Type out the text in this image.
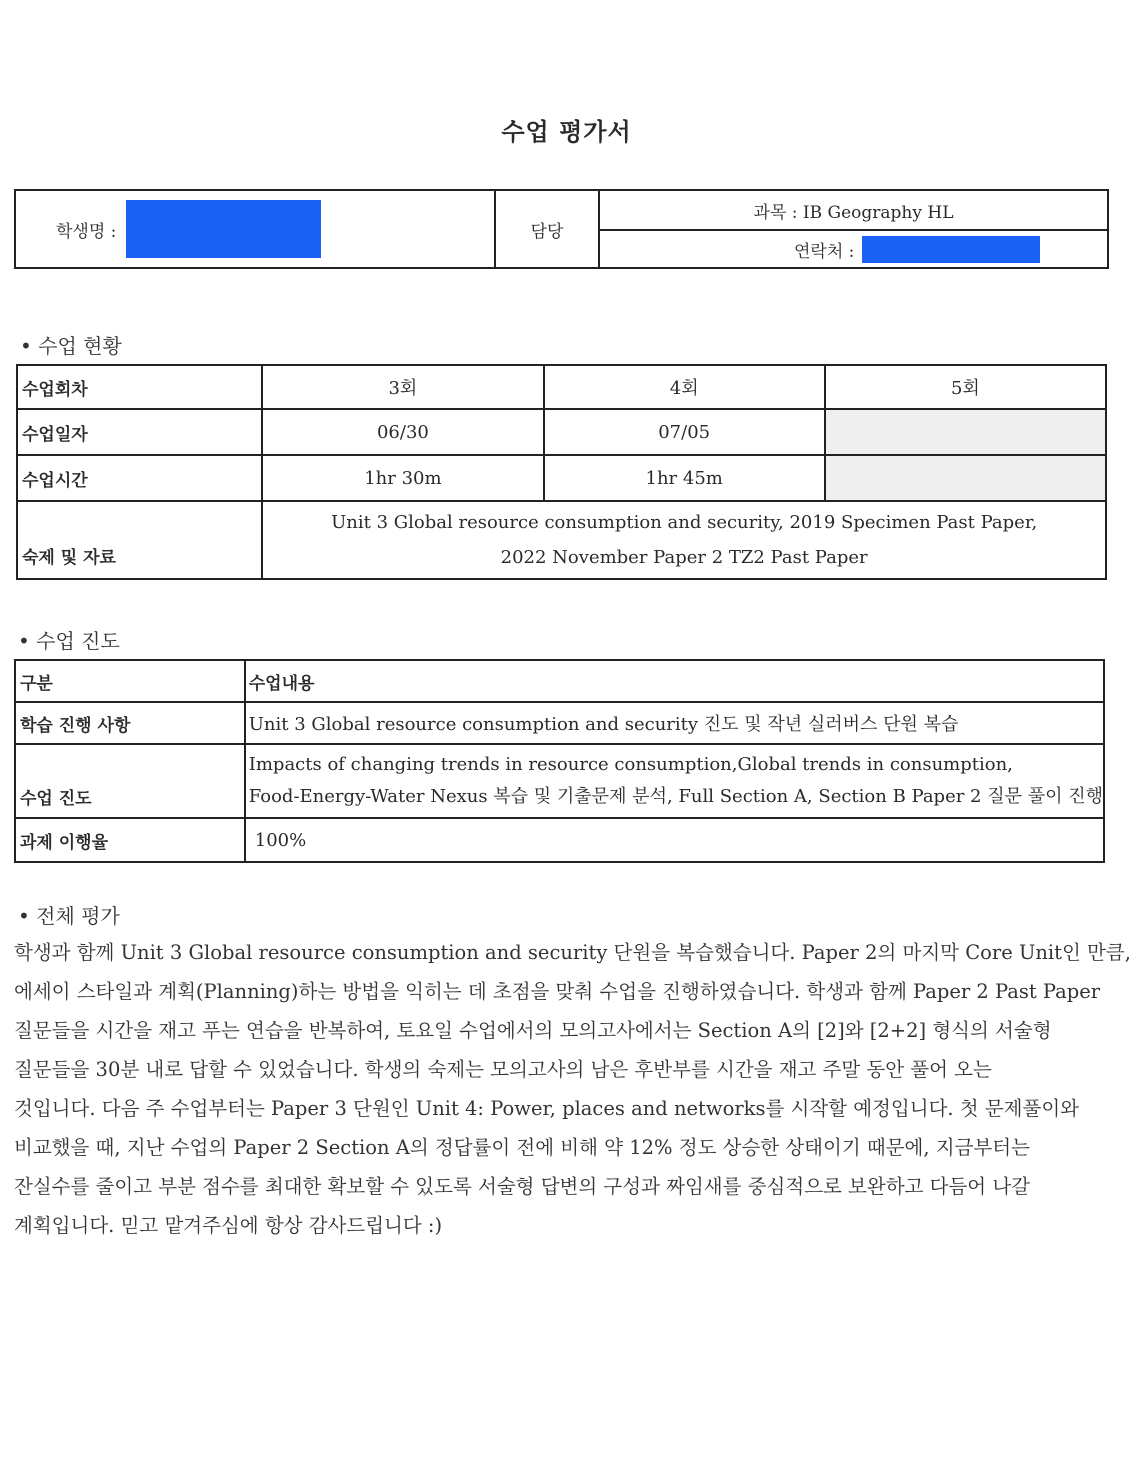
수업 평가서
학생명 :	담당	과목 : IB Geography HL
연락처 :
• 수업 현황
수업회차	3회	4회	5회
수업일자	06/30	07/05	
수업시간	1hr 30m	1hr 45m	
숙제 및 자료	Unit 3 Global resource consumption and security, 2019 Specimen Past Paper,
2022 November Paper 2 TZ2 Past Paper		
• 수업 진도
구분	수업내용
학습 진행 사항	Unit 3 Global resource consumption and security 진도 및 작년 실러버스 단원 복습
수업 진도	Impacts of changing trends in resource consumption,Global trends in consumption,
Food-Energy-Water Nexus 복습 및 기출문제 분석, Full Section A, Section B Paper 2 질문 풀이 진행

과제 이행율	100%
• 전체 평가
학생과 함께 Unit 3 Global resource consumption and security 단원을 복습했습니다. Paper 2의 마지막 Core Unit인 만큼,
에세이 스타일과 계획(Planning)하는 방법을 익히는 데 초점을 맞춰 수업을 진행하였습니다. 학생과 함께 Paper 2 Past Paper
질문들을 시간을 재고 푸는 연습을 반복하여, 토요일 수업에서의 모의고사에서는 Section A의 [2]와 [2+2] 형식의 서술형
질문들을 30분 내로 답할 수 있었습니다. 학생의 숙제는 모의고사의 남은 후반부를 시간을 재고 주말 동안 풀어 오는
것입니다. 다음 주 수업부터는 Paper 3 단원인 Unit 4: Power, places and networks를 시작할 예정입니다. 첫 문제풀이와
비교했을 때, 지난 수업의 Paper 2 Section A의 정답률이 전에 비해 약 12% 정도 상승한 상태이기 때문에, 지금부터는
잔실수를 줄이고 부분 점수를 최대한 확보할 수 있도록 서술형 답변의 구성과 짜임새를 중심적으로 보완하고 다듬어 나갈
계획입니다. 믿고 맡겨주심에 항상 감사드립니다 :)
